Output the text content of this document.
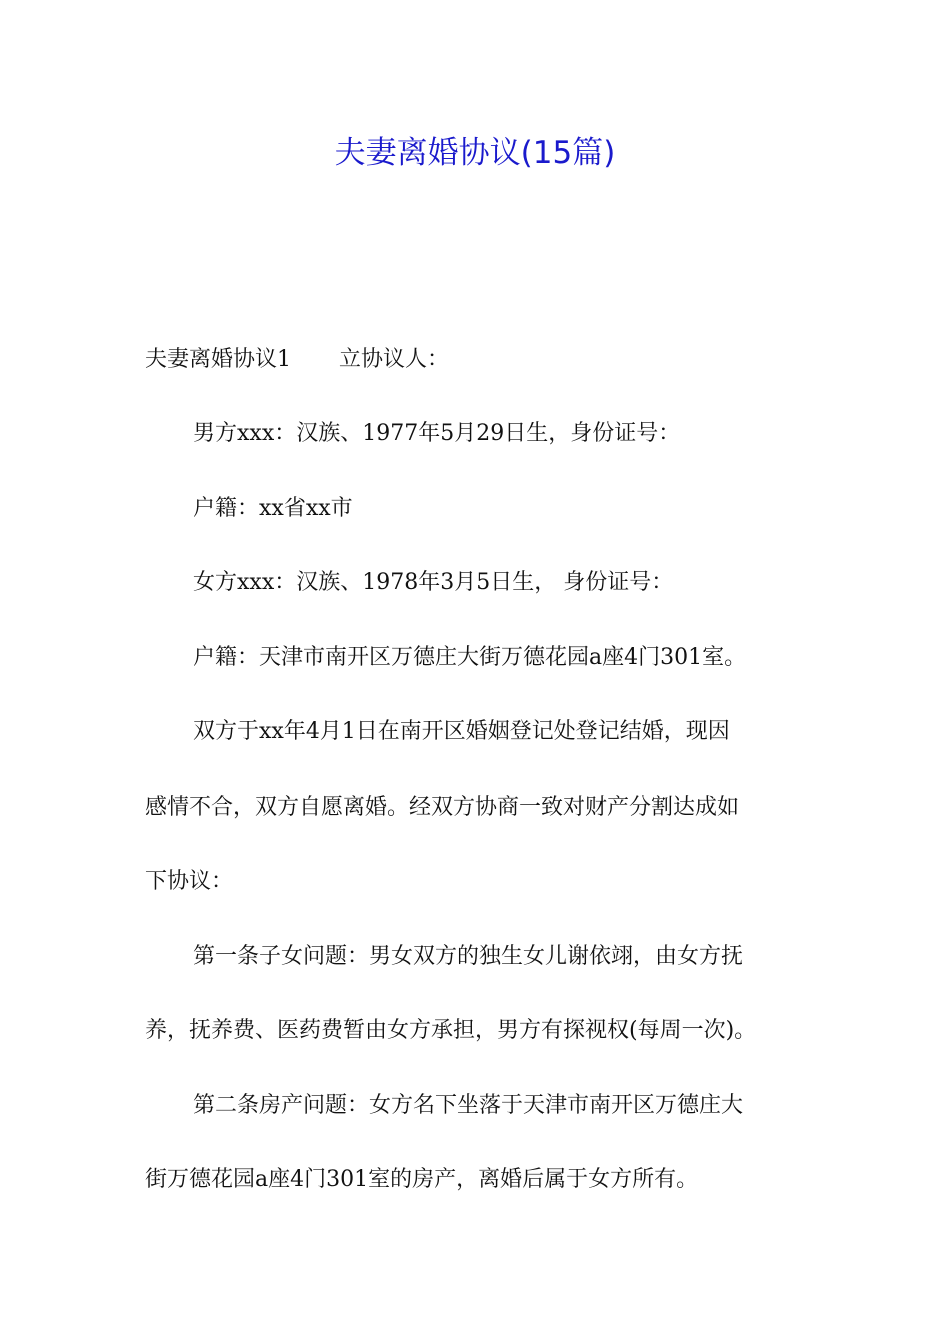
夫妻离婚协议(15篇)
夫妻离婚协议1 立协议人：
男方xxx：汉族、1977年5月29日生，身份证号：
户籍：xx省xx市
女方xxx：汉族、1978年3月5日生， 身份证号：
户籍：天津市南开区万德庄大街万德花园a座4门301室。
双方于xx年4月1日在南开区婚姻登记处登记结婚，现因
感情不合，双方自愿离婚。经双方协商一致对财产分割达成如
下协议：
第一条子女问题：男女双方的独生女儿谢依翊，由女方抚
养，抚养费、医药费暂由女方承担，男方有探视权(每周一次)。
第二条房产问题：女方名下坐落于天津市南开区万德庄大
街万德花园a座4门301室的房产，离婚后属于女方所有。
